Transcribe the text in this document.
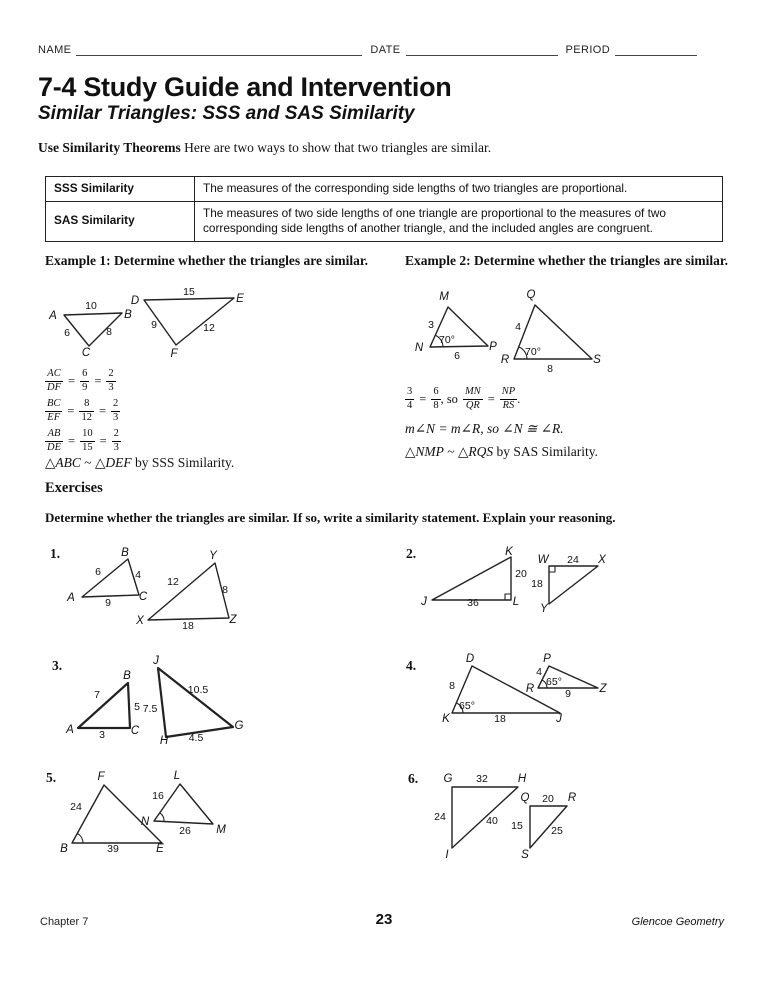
NAME	DATE	PERIOD
7-4 Study Guide and Intervention
Similar Triangles: SSS and SAS Similarity
Use Similarity Theorems Here are two ways to show that two triangles are similar.
SSS Similarity	The measures of the corresponding side lengths of two triangles are proportional.
SAS Similarity	The measures of two side lengths of one triangle are proportional to the measures of two corresponding side lengths of another triangle, and the included angles are congruent.
Example 1: Determine whether the triangles are similar.
A	B
C
10
6	8
D	E
F
15
9	12
Example 2: Determine whether the triangles are similar.
M
N	P
3
70°
6
Q
R	S
4
70°
8
$\frac{AC}{DF} = \frac{6}{9} = \frac{2}{3}$
$\frac{BC}{EF} = \frac{8}{12} = \frac{2}{3}$
$\frac{AB}{DE} = \frac{10}{15} = \frac{2}{3}$
△ABC ~ △DEF by SSS Similarity.
$\frac{3}{4} = \frac{6}{8}$ , so $\frac{MN}{QR} = \frac{NP}{RS}$ .
m∠N = m∠R, so ∠N ≅ ∠R.
△NMP ~ △RQS by SAS Similarity.
Exercises
Determine whether the triangles are similar. If so, write a similarity statement. Explain your reasoning.
1.	2.
3.	4.
5.	6.
A
B
C
6	4
9
X
Y
Z
12
8
18
J
K
L
20
36
W	X
Y
24
18
A
B
C
7
5
3
J
H
G
10.5
7.5
4.5
D
K	J
8
65°
18
P
R	Z
4
65°
9
F
B	E
24
39
L
N
M
16
26
G	H
I
32
24	40
Q	R
S
20
15	25
Chapter 7	23	Glencoe Geometry
